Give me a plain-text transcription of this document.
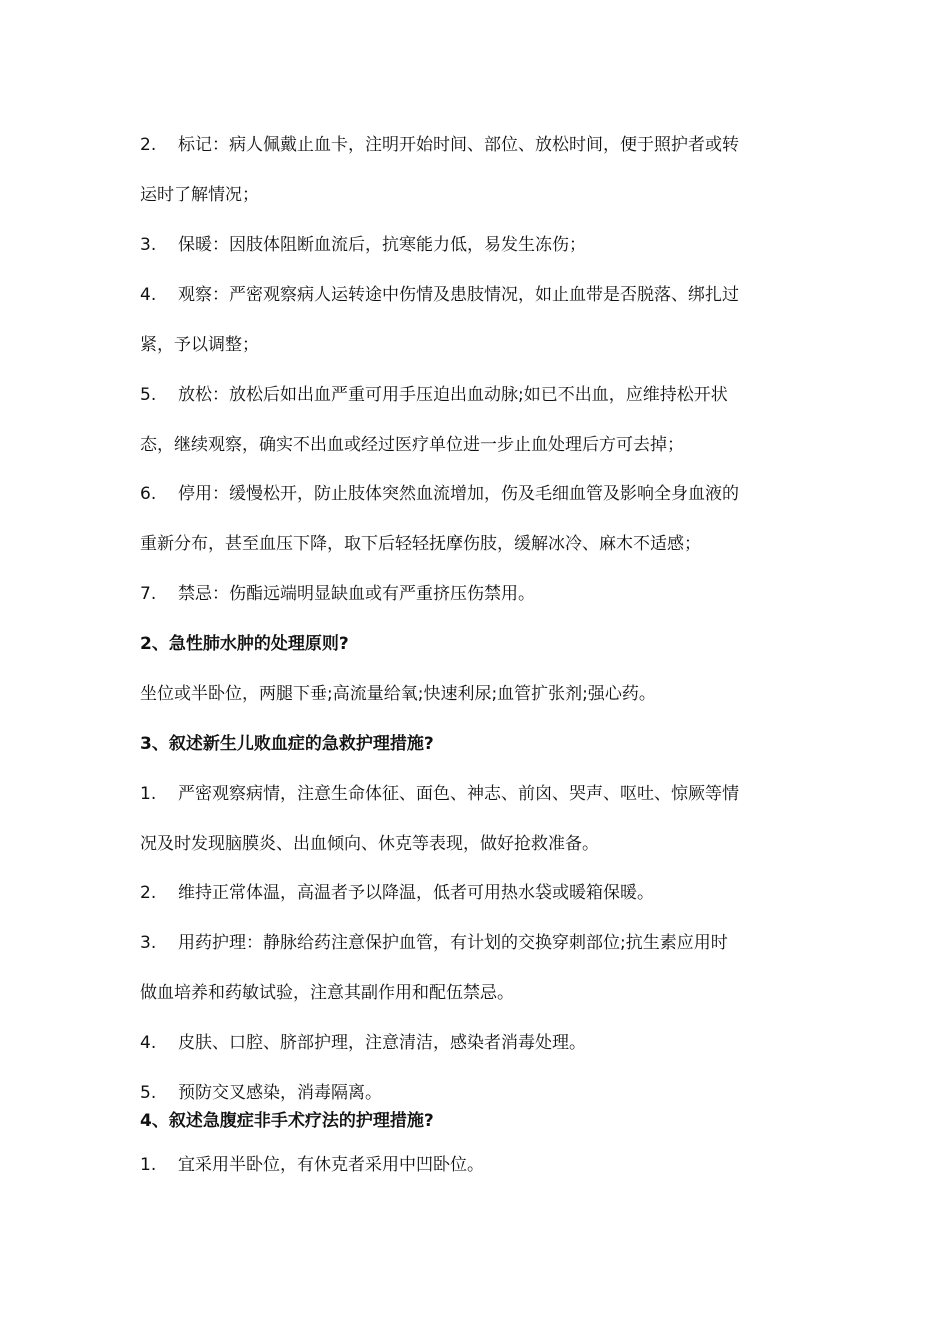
2. 标记：病人佩戴止血卡，注明开始时间、部位、放松时间，便于照护者或转
运时了解情况；
3. 保暖：因肢体阻断血流后，抗寒能力低，易发生冻伤；
4. 观察：严密观察病人运转途中伤情及患肢情况，如止血带是否脱落、绑扎过
紧，予以调整；
5. 放松：放松后如出血严重可用手压迫出血动脉;如已不出血，应维持松开状
态，继续观察，确实不出血或经过医疗单位进一步止血处理后方可去掉；
6. 停用：缓慢松开，防止肢体突然血流增加，伤及毛细血管及影响全身血液的
重新分布，甚至血压下降，取下后轻轻抚摩伤肢，缓解冰冷、麻木不适感；
7. 禁忌：伤酯远端明显缺血或有严重挤压伤禁用。
2、急性肺水肿的处理原则?
坐位或半卧位，两腿下垂;高流量给氧;快速利尿;血管扩张剂;强心药。
3、叙述新生儿败血症的急救护理措施?
1. 严密观察病情，注意生命体征、面色、神志、前囟、哭声、呕吐、惊厥等情
况及时发现脑膜炎、出血倾向、休克等表现，做好抢救准备。
2. 维持正常体温，高温者予以降温，低者可用热水袋或暖箱保暖。
3. 用药护理：静脉给药注意保护血管，有计划的交换穿刺部位;抗生素应用时
做血培养和药敏试验，注意其副作用和配伍禁忌。
4. 皮肤、口腔、脐部护理，注意清洁，感染者消毒处理。
5. 预防交叉感染，消毒隔离。
4、叙述急腹症非手术疗法的护理措施?
1. 宜采用半卧位，有休克者采用中凹卧位。
